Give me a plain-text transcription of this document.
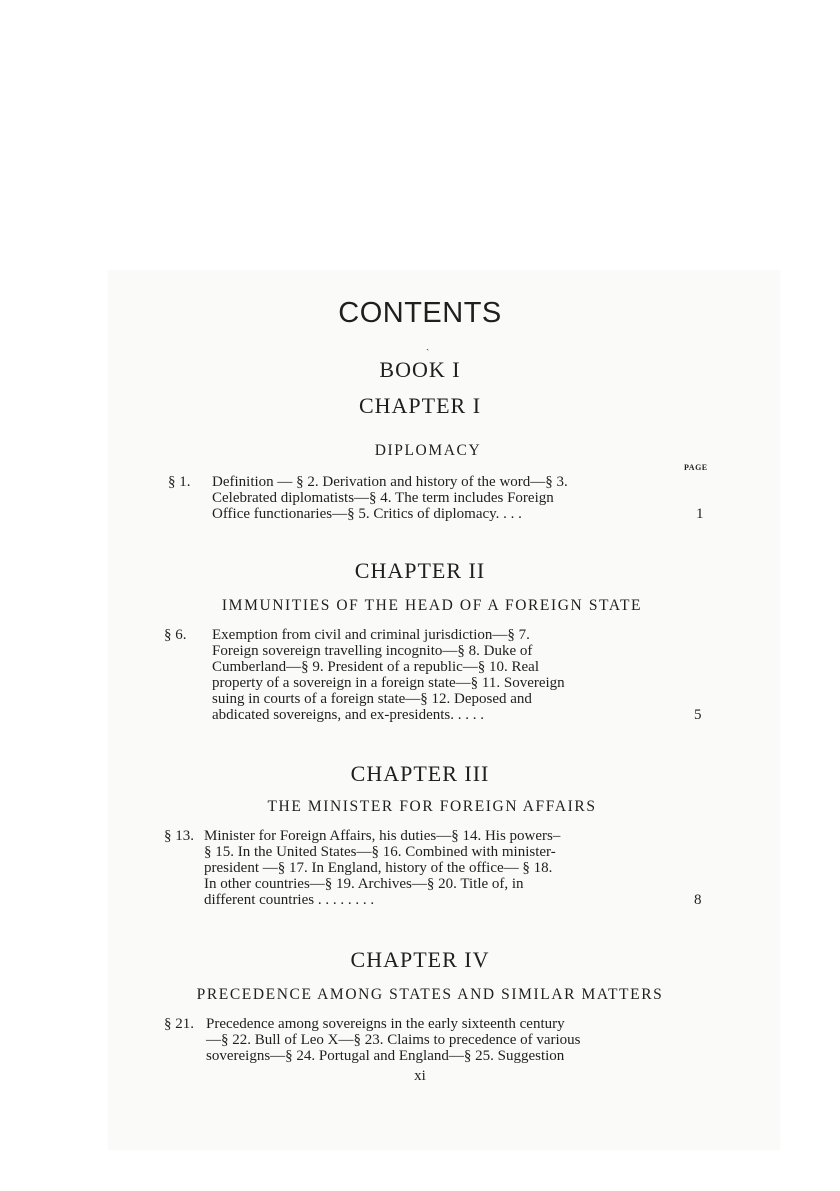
CONTENTS
ˏ
BOOK I
CHAPTER I
DIPLOMACY
PAGE
§ 1. Definition — § 2. Derivation and history of the word—§ 3.
Celebrated diplomatists—§ 4. The term includes Foreign
Office functionaries—§ 5. Critics of diplomacy. . . .	1
CHAPTER II
IMMUNITIES OF THE HEAD OF A FOREIGN STATE
§ 6. Exemption from civil and criminal jurisdiction—§ 7.
Foreign sovereign travelling incognito—§ 8. Duke of
Cumberland—§ 9. President of a republic—§ 10. Real
property of a sovereign in a foreign state—§ 11. Sovereign
suing in courts of a foreign state—§ 12. Deposed and
abdicated sovereigns, and ex-presidents. . . . .	5
CHAPTER III
THE MINISTER FOR FOREIGN AFFAIRS
§ 13. Minister for Foreign Affairs, his duties—§ 14. His powers–
§ 15. In the United States—§ 16. Combined with minister-
president —§ 17. In England, history of the office— § 18.
In other countries—§ 19. Archives—§ 20. Title of, in
different countries . . . . . . . .	8
CHAPTER IV
PRECEDENCE AMONG STATES AND SIMILAR MATTERS
§ 21. Precedence among sovereigns in the early sixteenth century
—§ 22. Bull of Leo X—§ 23. Claims to precedence of various
sovereigns—§ 24. Portugal and England—§ 25. Suggestion
xi
